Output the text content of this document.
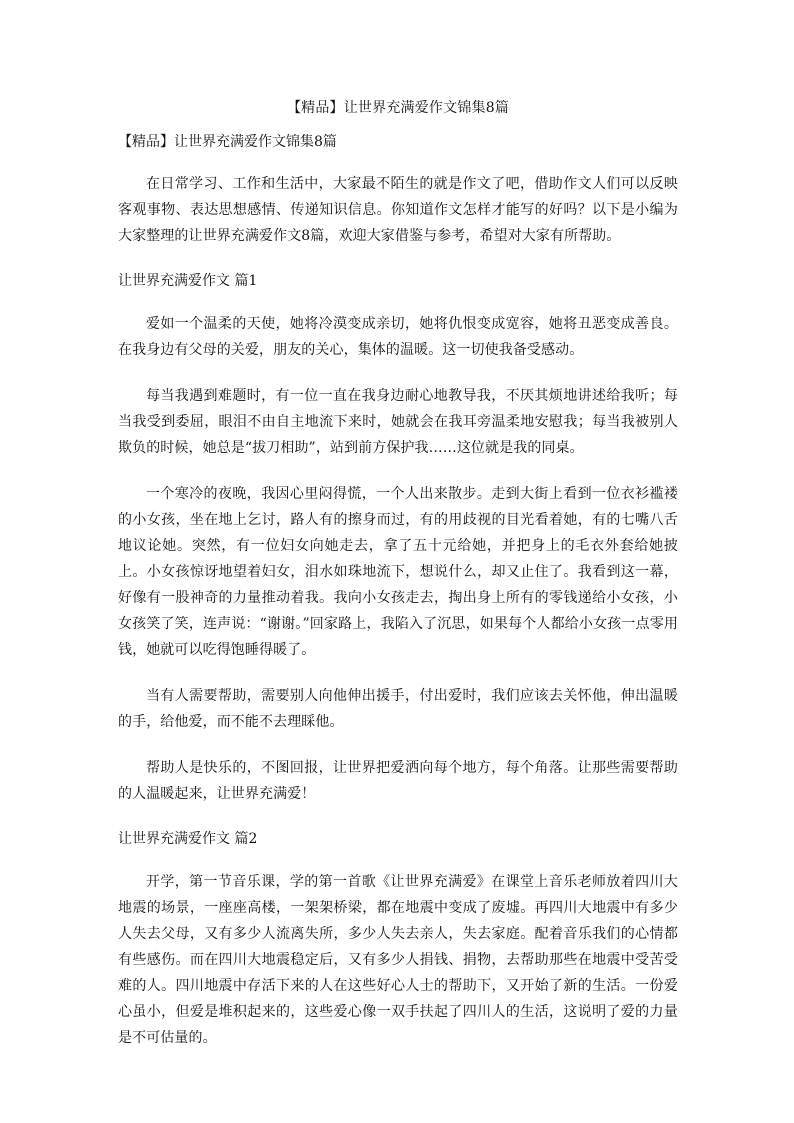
【精品】让世界充满爱作文锦集8篇
【精品】让世界充满爱作文锦集8篇

在日常学习、工作和生活中，大家最不陌生的就是作文了吧，借助作文人们可以反映客观事物、表达思想感情、传递知识信息。你知道作文怎样才能写的好吗？以下是小编为大家整理的让世界充满爱作文8篇，欢迎大家借鉴与参考，希望对大家有所帮助。

让世界充满爱作文 篇1

爱如一个温柔的天使，她将冷漠变成亲切，她将仇恨变成宽容，她将丑恶变成善良。在我身边有父母的关爱，朋友的关心，集体的温暖。这一切使我备受感动。

每当我遇到难题时，有一位一直在我身边耐心地教导我，不厌其烦地讲述给我听；每当我受到委屈，眼泪不由自主地流下来时，她就会在我耳旁温柔地安慰我；每当我被别人欺负的时候，她总是“拔刀相助”，站到前方保护我……这位就是我的同桌。

一个寒冷的夜晚，我因心里闷得慌，一个人出来散步。走到大街上看到一位衣衫褴褛的小女孩，坐在地上乞讨，路人有的擦身而过，有的用歧视的目光看着她，有的七嘴八舌地议论她。突然，有一位妇女向她走去，拿了五十元给她，并把身上的毛衣外套给她披上。小女孩惊讶地望着妇女，泪水如珠地流下，想说什么，却又止住了。我看到这一幕，好像有一股神奇的力量推动着我。我向小女孩走去，掏出身上所有的零钱递给小女孩，小女孩笑了笑，连声说：“谢谢。”回家路上，我陷入了沉思，如果每个人都给小女孩一点零用钱，她就可以吃得饱睡得暖了。

当有人需要帮助，需要别人向他伸出援手，付出爱时，我们应该去关怀他，伸出温暖的手，给他爱，而不能不去理睬他。

帮助人是快乐的，不图回报，让世界把爱洒向每个地方，每个角落。让那些需要帮助的人温暖起来，让世界充满爱！

让世界充满爱作文 篇2

开学，第一节音乐课，学的第一首歌《让世界充满爱》在课堂上音乐老师放着四川大地震的场景，一座座高楼，一架架桥梁，都在地震中变成了废墟。再四川大地震中有多少人失去父母，又有多少人流离失所，多少人失去亲人，失去家庭。配着音乐我们的心情都有些感伤。而在四川大地震稳定后，又有多少人捐钱、捐物，去帮助那些在地震中受苦受难的人。四川地震中存活下来的人在这些好心人士的帮助下，又开始了新的生活。一份爱心虽小，但爱是堆积起来的，这些爱心像一双手扶起了四川人的生活，这说明了爱的力量是不可估量的。
